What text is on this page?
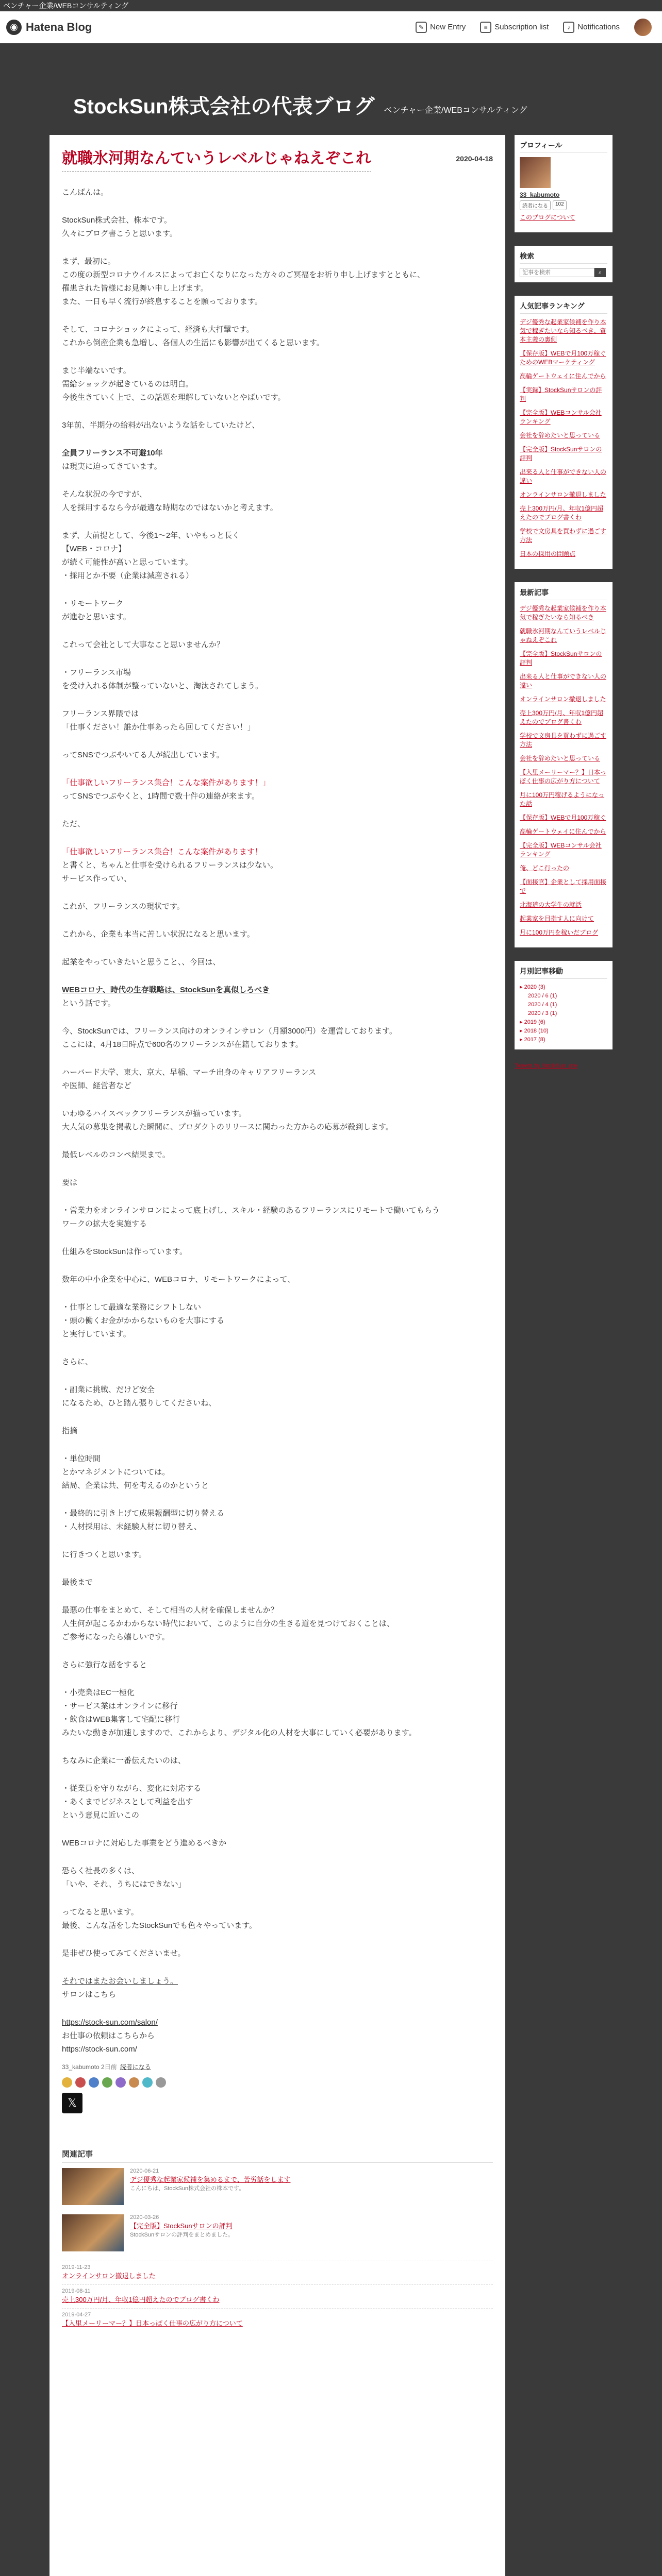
ベンチャー企業/WEBコンサルティング
◉ Hatena Blog	✎ New Entry	≡ Subscription list	♪ Notifications
StockSun株式会社の代表ブログ ベンチャー企業/WEBコンサルティング
就職氷河期なんていうレベルじゃねえぞこれ	2020-04-18
こんばんは。
StockSun株式会社、株本です。
久々にブログ書こうと思います。
まず、最初に。
この度の新型コロナウイルスによってお亡くなりになった方々のご冥福をお祈り申し上げますとともに、
罹患された皆様にお見舞い申し上げます。
また、一日も早く流行が終息することを願っております。
そして、コロナショックによって、経済も大打撃です。
これから倒産企業も急増し、各個人の生活にも影響が出てくると思います。
まじ半端ないです。
需給ショックが起きているのは明白。
今後生きていく上で、この話題を理解していないとやばいです。
3年前、半期分の給料が出ないような話をしていたけど、
全員フリーランス不可避10年
は現実に迫ってきています。
そんな状況の今ですが、
人を採用するなら今が最適な時期なのではないかと考えます。
まず、大前提として、今後1〜2年、いやもっと長く
【WEB・コロナ】
が続く可能性が高いと思っています。
・採用とか不要（企業は減産される）
・リモートワーク
が進むと思います。
これって会社として大事なこと思いませんか？
・フリーランス市場
を受け入れる体制が整っていないと、淘汰されてしまう。
フリーランス界隈では
「仕事ください！誰か仕事あったら回してください！」
ってSNSでつぶやいてる人が続出しています。
「仕事欲しいフリーランス集合！こんな案件があります！」
ってSNSでつぶやくと、1時間で数十件の連絡が来ます。
ただ、
「仕事欲しいフリーランス集合！こんな案件があります！
と書くと、ちゃんと仕事を受けられるフリーランスは少ない。
サービス作ってい、
これが、フリーランスの現状です。
これから、企業も本当に苦しい状況になると思います。
起業をやっていきたいと思うこと、、今回は、
WEBコロナ、時代の生存戦略は、StockSunを真似しろべき
という話です。
今、StockSunでは、フリーランス向けのオンラインサロン（月額3000円）を運営しております。
ここには、4月18日時点で600名のフリーランスが在籍しております。
ハーバード大学、東大、京大、早稲、マーチ出身のキャリアフリーランス
や医師、経営者など
いわゆるハイスペックフリーランスが揃っています。
大人気の募集を掲載した瞬間に、プロダクトのリリースに関わった方からの応募が殺到します。
最低レベルのコンペ結果まで。
要は
・営業力をオンラインサロンによって底上げし、スキル・経験のあるフリーランスにリモートで働いてもらう
ワークの拡大を実施する
仕組みをStockSunは作っています。
数年の中小企業を中心に、WEBコロナ、リモートワークによって、
・仕事として最適な業務にシフトしない
・頭の働くお金がかからないものを大事にする
と実行しています。
さらに、
・副業に挑戦、だけど安全
になるため、ひと踏ん張りしてくださいね、
指摘
・単位時間
とかマネジメントについては。
結局、企業は共、何を考えるのかというと
・最終的に引き上げて成果報酬型に切り替える
・人材採用は、未経験人材に切り替え、
に行きつくと思います。
最後まで
最悪の仕事をまとめて、そして相当の人材を確保しませんか？
人生何が起こるかわからない時代において、このように自分の生きる道を見つけておくことは、
ご参考になったら嬉しいです。
さらに強行な話をすると
・小売業はEC一極化
・サービス業はオンラインに移行
・飲食はWEB集客して宅配に移行
みたいな動きが加速しますので、これからより、デジタル化の人材を大事にしていく必要があります。
ちなみに企業に一番伝えたいのは、
・従業員を守りながら、変化に対応する
・あくまでビジネスとして利益を出す
という意見に近いこの
WEBコロナに対応した事業をどう進めるべきか
恐らく社長の多くは、
「いや、それ、うちにはできない」
ってなると思います。
最後、こんな話をしたStockSunでも色々やっています。
是非ぜひ使ってみてくださいませ。
それではまたお会いしましょう。
サロンはこちら
https://stock-sun.com/salon/
お仕事の依頼はこちらから
https://stock-sun.com/
33_kabumoto 2日前 読者になる
𝕏
関連記事
2020-06-21
デジ優秀な起業家候補を集めるまで、苦労話をします
こんにちは、StockSun株式会社の株本です。
2020-03-26
【完全版】StockSunサロンの評判
StockSunサロンの評判をまとめました。
2019-11-23
オンラインサロン撤退しました
2019-08-11
売上300万円/月、年収1億円超えたのでブログ書くわ
2019-04-27
【入里メーリーマー？】日本っぽく仕事の広がり方について
プロフィール
33_kabumoto
読者になる	102
このブログについて
検索
記事を検索
⌕
人気記事ランキング
デジ優秀な起業家候補を作り本気で稼ぎたいなら知るべき、資本主義の裏側
【保存版】WEBで月100万稼ぐためのWEBマーケティング
高輪ゲートウェイに住んでから
【実録】StockSunサロンの評判
【完全版】WEBコンサル会社ランキング
会社を辞めたいと思っている
【完全版】StockSunサロンの評判
出来る人と仕事ができない人の違い
オンラインサロン撤退しました
売上300万円/月、年収1億円超えたのでブログ書くわ
学校で文房具を買わずに過ごす方法
日本の採用の問題点
最新記事
デジ優秀な起業家候補を作り本気で稼ぎたいなら知るべき
就職氷河期なんていうレベルじゃねえぞこれ
【完全版】StockSunサロンの評判
出来る人と仕事ができない人の違い
オンラインサロン撤退しました
売上300万円/月、年収1億円超えたのでブログ書くわ
学校で文房具を買わずに過ごす方法
会社を辞めたいと思っている
【入里メーリーマー？】日本っぽく仕事の広がり方について
月に100万円稼げるようになった話
【保存版】WEBで月100万稼ぐ
高輪ゲートウェイに住んでから
【完全版】WEBコンサル会社ランキング
俺、どこ行ったの
【面接官】企業として採用面接で
北海道の大学生の就活
起業家を目指す人に向けて
月に100万円を稼いだブログ
月別記事移動
▸ 2020 (3)
2020 / 6 (1)
2020 / 4 (1)
2020 / 3 (1)
▸ 2019 (6)
▸ 2018 (10)
▸ 2017 (8)
Tweets by StockSun_pre
